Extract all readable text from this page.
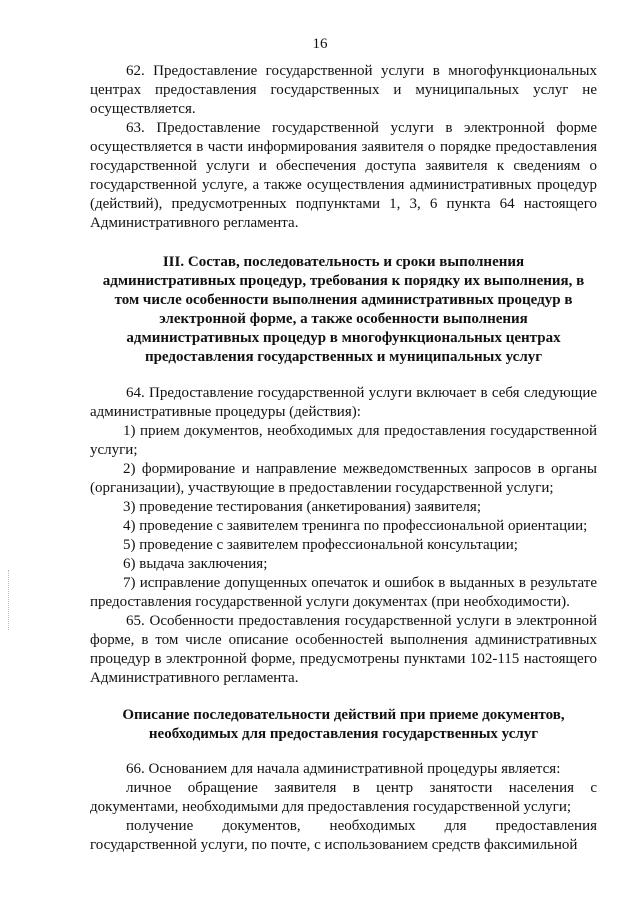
16

62. Предоставление государственной услуги в многофункциональных центрах предоставления государственных и муниципальных услуг не осуществляется.

63. Предоставление государственной услуги в электронной форме осуществляется в части информирования заявителя о порядке предоставления государственной услуги и обеспечения доступа заявителя к сведениям о государственной услуге, а также осуществления административных процедур (действий), предусмотренных подпунктами 1, 3, 6 пункта 64 настоящего Административного регламента.

III. Состав, последовательность и сроки выполнения административных процедур, требования к порядку их выполнения, в том числе особенности выполнения административных процедур в электронной форме, а также особенности выполнения административных процедур в многофункциональных центрах предоставления государственных и муниципальных услуг

64. Предоставление государственной услуги включает в себя следующие административные процедуры (действия):

1) прием документов, необходимых для предоставления государственной услуги;

2) формирование и направление межведомственных запросов в органы (организации), участвующие в предоставлении государственной услуги;

3) проведение тестирования (анкетирования) заявителя;

4) проведение с заявителем тренинга по профессиональной ориентации;

5) проведение с заявителем профессиональной консультации;

6) выдача заключения;

7) исправление допущенных опечаток и ошибок в выданных в результате предоставления государственной услуги документах (при необходимости).

65. Особенности предоставления государственной услуги в электронной форме, в том числе описание особенностей выполнения административных процедур в электронной форме, предусмотрены пунктами 102-115 настоящего Административного регламента.

Описание последовательности действий при приеме документов, необходимых для предоставления государственных услуг

66. Основанием для начала административной процедуры является:

личное обращение заявителя в центр занятости населения с документами, необходимыми для предоставления государственной услуги;

получение документов, необходимых для предоставления государственной услуги, по почте, с использованием средств факсимильной
